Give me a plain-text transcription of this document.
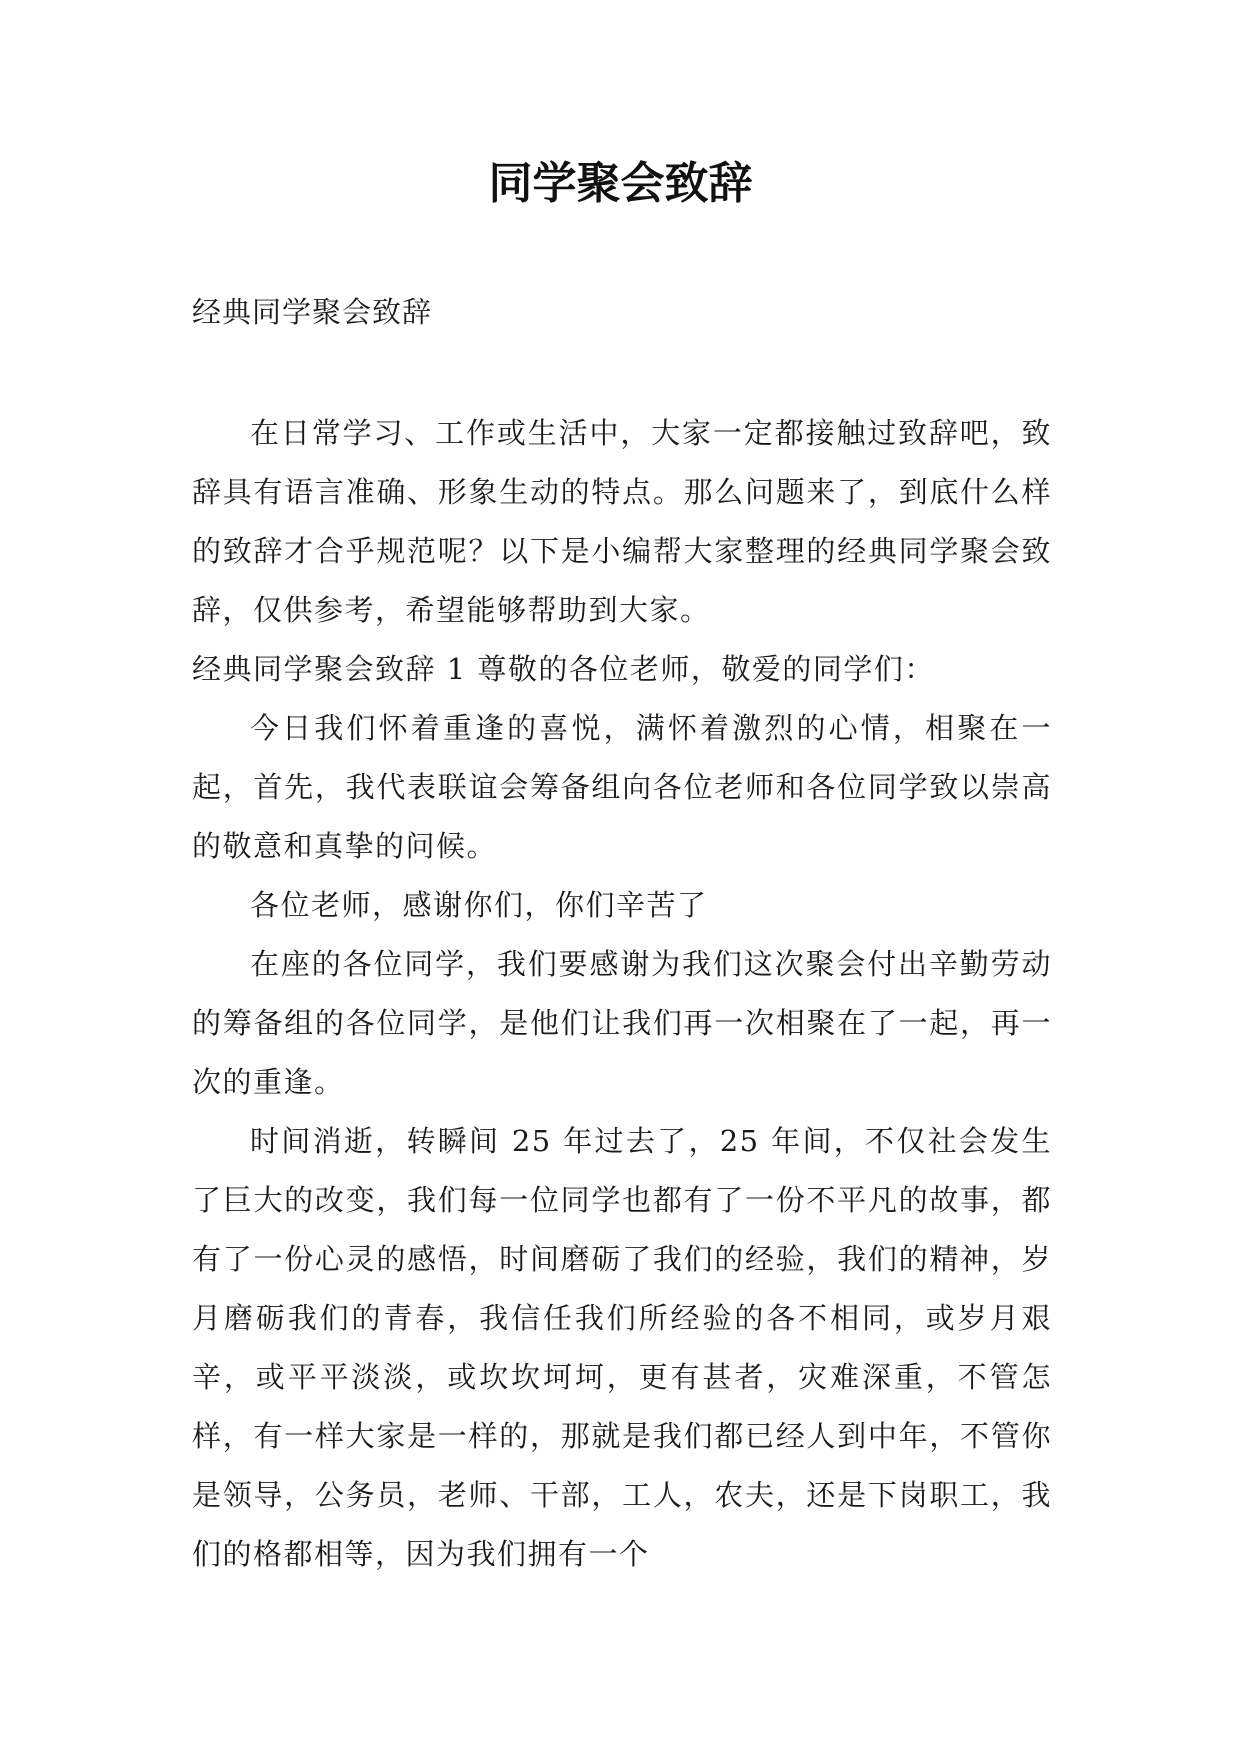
同学聚会致辞

经典同学聚会致辞

在日常学习、工作或生活中，大家一定都接触过致辞吧，致辞具有语言准确、形象生动的特点。那么问题来了，到底什么样的致辞才合乎规范呢？以下是小编帮大家整理的经典同学聚会致辞，仅供参考，希望能够帮助到大家。

经典同学聚会致辞 1 尊敬的各位老师，敬爱的同学们：

今日我们怀着重逢的喜悦，满怀着激烈的心情，相聚在一起，首先，我代表联谊会筹备组向各位老师和各位同学致以崇高的敬意和真挚的问候。

各位老师，感谢你们，你们辛苦了

在座的各位同学，我们要感谢为我们这次聚会付出辛勤劳动的筹备组的各位同学，是他们让我们再一次相聚在了一起，再一次的重逢。

时间消逝，转瞬间 25 年过去了，25 年间，不仅社会发生了巨大的改变，我们每一位同学也都有了一份不平凡的故事，都有了一份心灵的感悟，时间磨砺了我们的经验，我们的精神，岁月磨砺我们的青春，我信任我们所经验的各不相同，或岁月艰辛，或平平淡淡，或坎坎坷坷，更有甚者，灾难深重，不管怎样，有一样大家是一样的，那就是我们都已经人到中年，不管你是领导，公务员，老师、干部，工人，农夫，还是下岗职工，我们的格都相等，因为我们拥有一个
